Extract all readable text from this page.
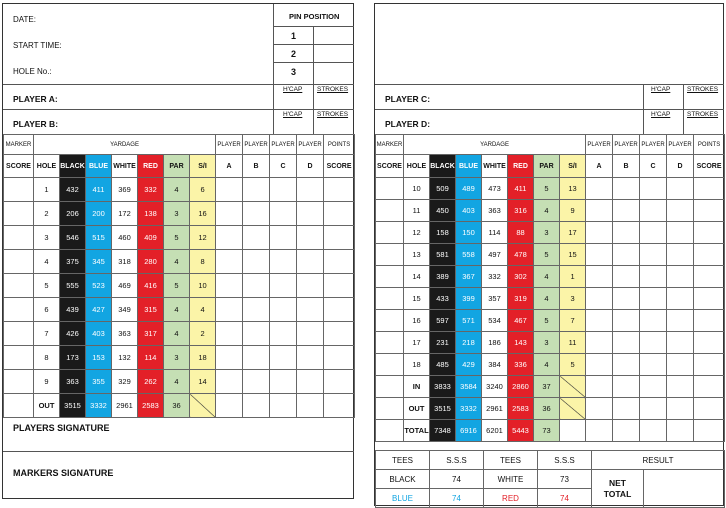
DATE:
START TIME:
HOLE No.:
PIN POSITION
1
2
3
PLAYER A:
H'CAP STROKES
PLAYER B:
H'CAP STROKES
MARKER	YARDAGE							PLAYER	PLAYER	PLAYER	PLAYER	POINTS
SCORE	HOLE	BLACK	BLUE	WHITE	RED	PAR	S/I	A	B	C	D	SCORE
	1	432	411	369	332	4	6					
	2	206	200	172	138	3	16					
	3	546	515	460	409	5	12					
	4	375	345	318	280	4	8					
	5	555	523	469	416	5	10					
	6	439	427	349	315	4	4					
	7	426	403	363	317	4	2					
	8	173	153	132	114	3	18					
	9	363	355	329	262	4	14					
	OUT	3515	3332	2961	2583	36						
PLAYERS SIGNATURE
MARKERS SIGNATURE
PLAYER C:
H'CAP	STROKES
PLAYER D:
H'CAP	STROKES
MARKER	YARDAGE							PLAYER	PLAYER	PLAYER	PLAYER	POINTS
SCORE	HOLE	BLACK	BLUE	WHITE	RED	PAR	S/I	A	B	C	D	SCORE
	10	509	489	473	411	5	13					
	11	450	403	363	316	4	9					
	12	158	150	114	88	3	17					
	13	581	558	497	478	5	15					
	14	389	367	332	302	4	1					
	15	433	399	357	319	4	3					
	16	597	571	534	467	5	7					
	17	231	218	186	143	3	11					
	18	485	429	384	336	4	5					
	IN	3833	3584	3240	2860	37						
	OUT	3515	3332	2961	2583	36						
	TOTAL	7348	6916	6201	5443	73						
TEES	S.S.S	TEES	S.S.S	RESULT	
BLACK	74	WHITE	73	NET
TOTAL	
BLUE	74	RED	74		
